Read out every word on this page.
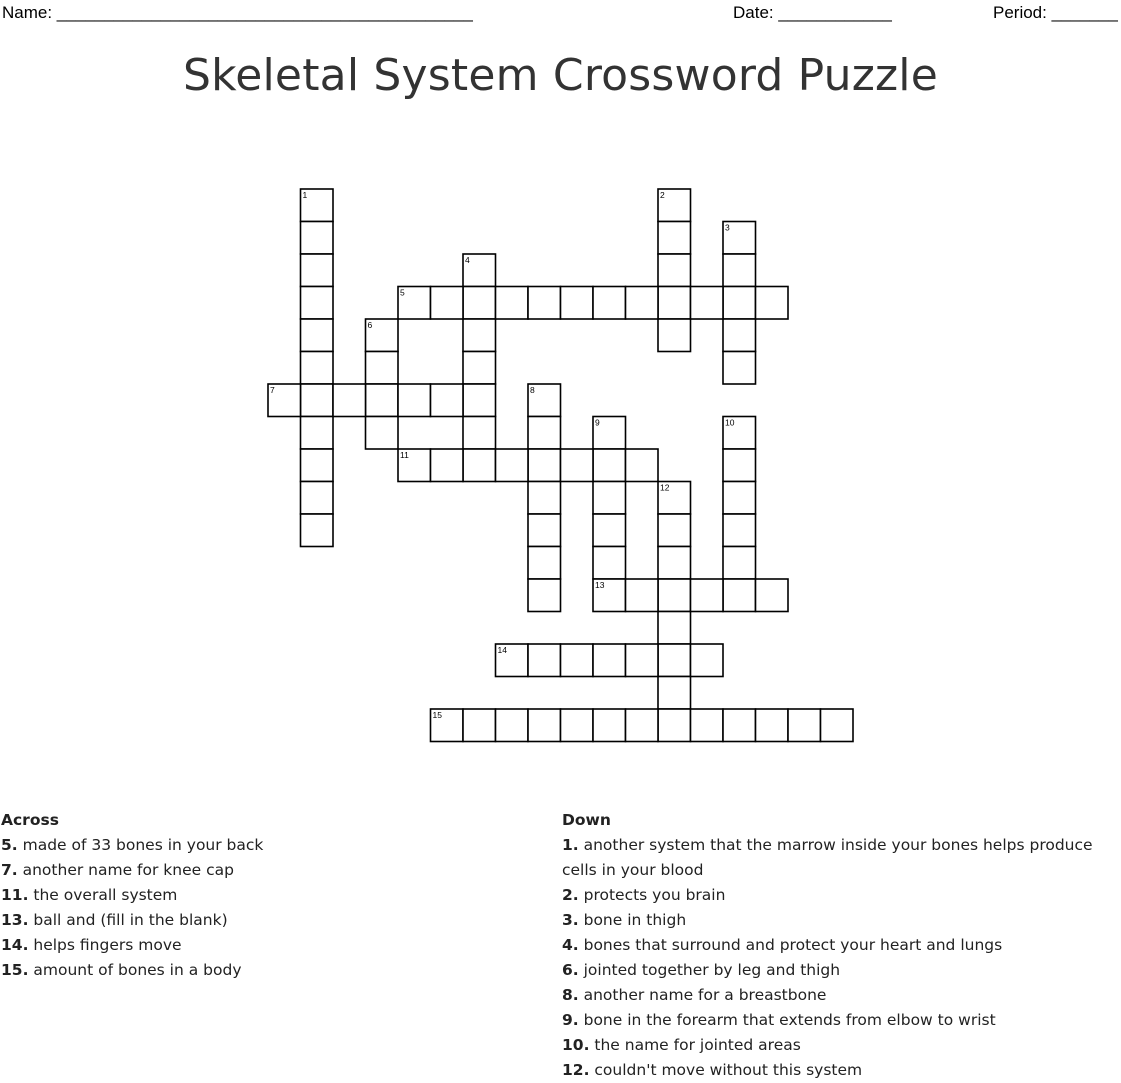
Name: ____________________________________________	Date: ____________	Period: _______
Skeletal System Crossword Puzzle
1	2
3
4
5
6
7	8
9	10
11
12
13
14
15
Across
5. made of 33 bones in your back
7. another name for knee cap
11. the overall system
13. ball and (fill in the blank)
14. helps fingers move
15. amount of bones in a body
Down
1. another system that the marrow inside your bones helps produce cells in your blood
2. protects you brain
3. bone in thigh
4. bones that surround and protect your heart and lungs
6. jointed together by leg and thigh
8. another name for a breastbone
9. bone in the forearm that extends from elbow to wrist
10. the name for jointed areas
12. couldn't move without this system
